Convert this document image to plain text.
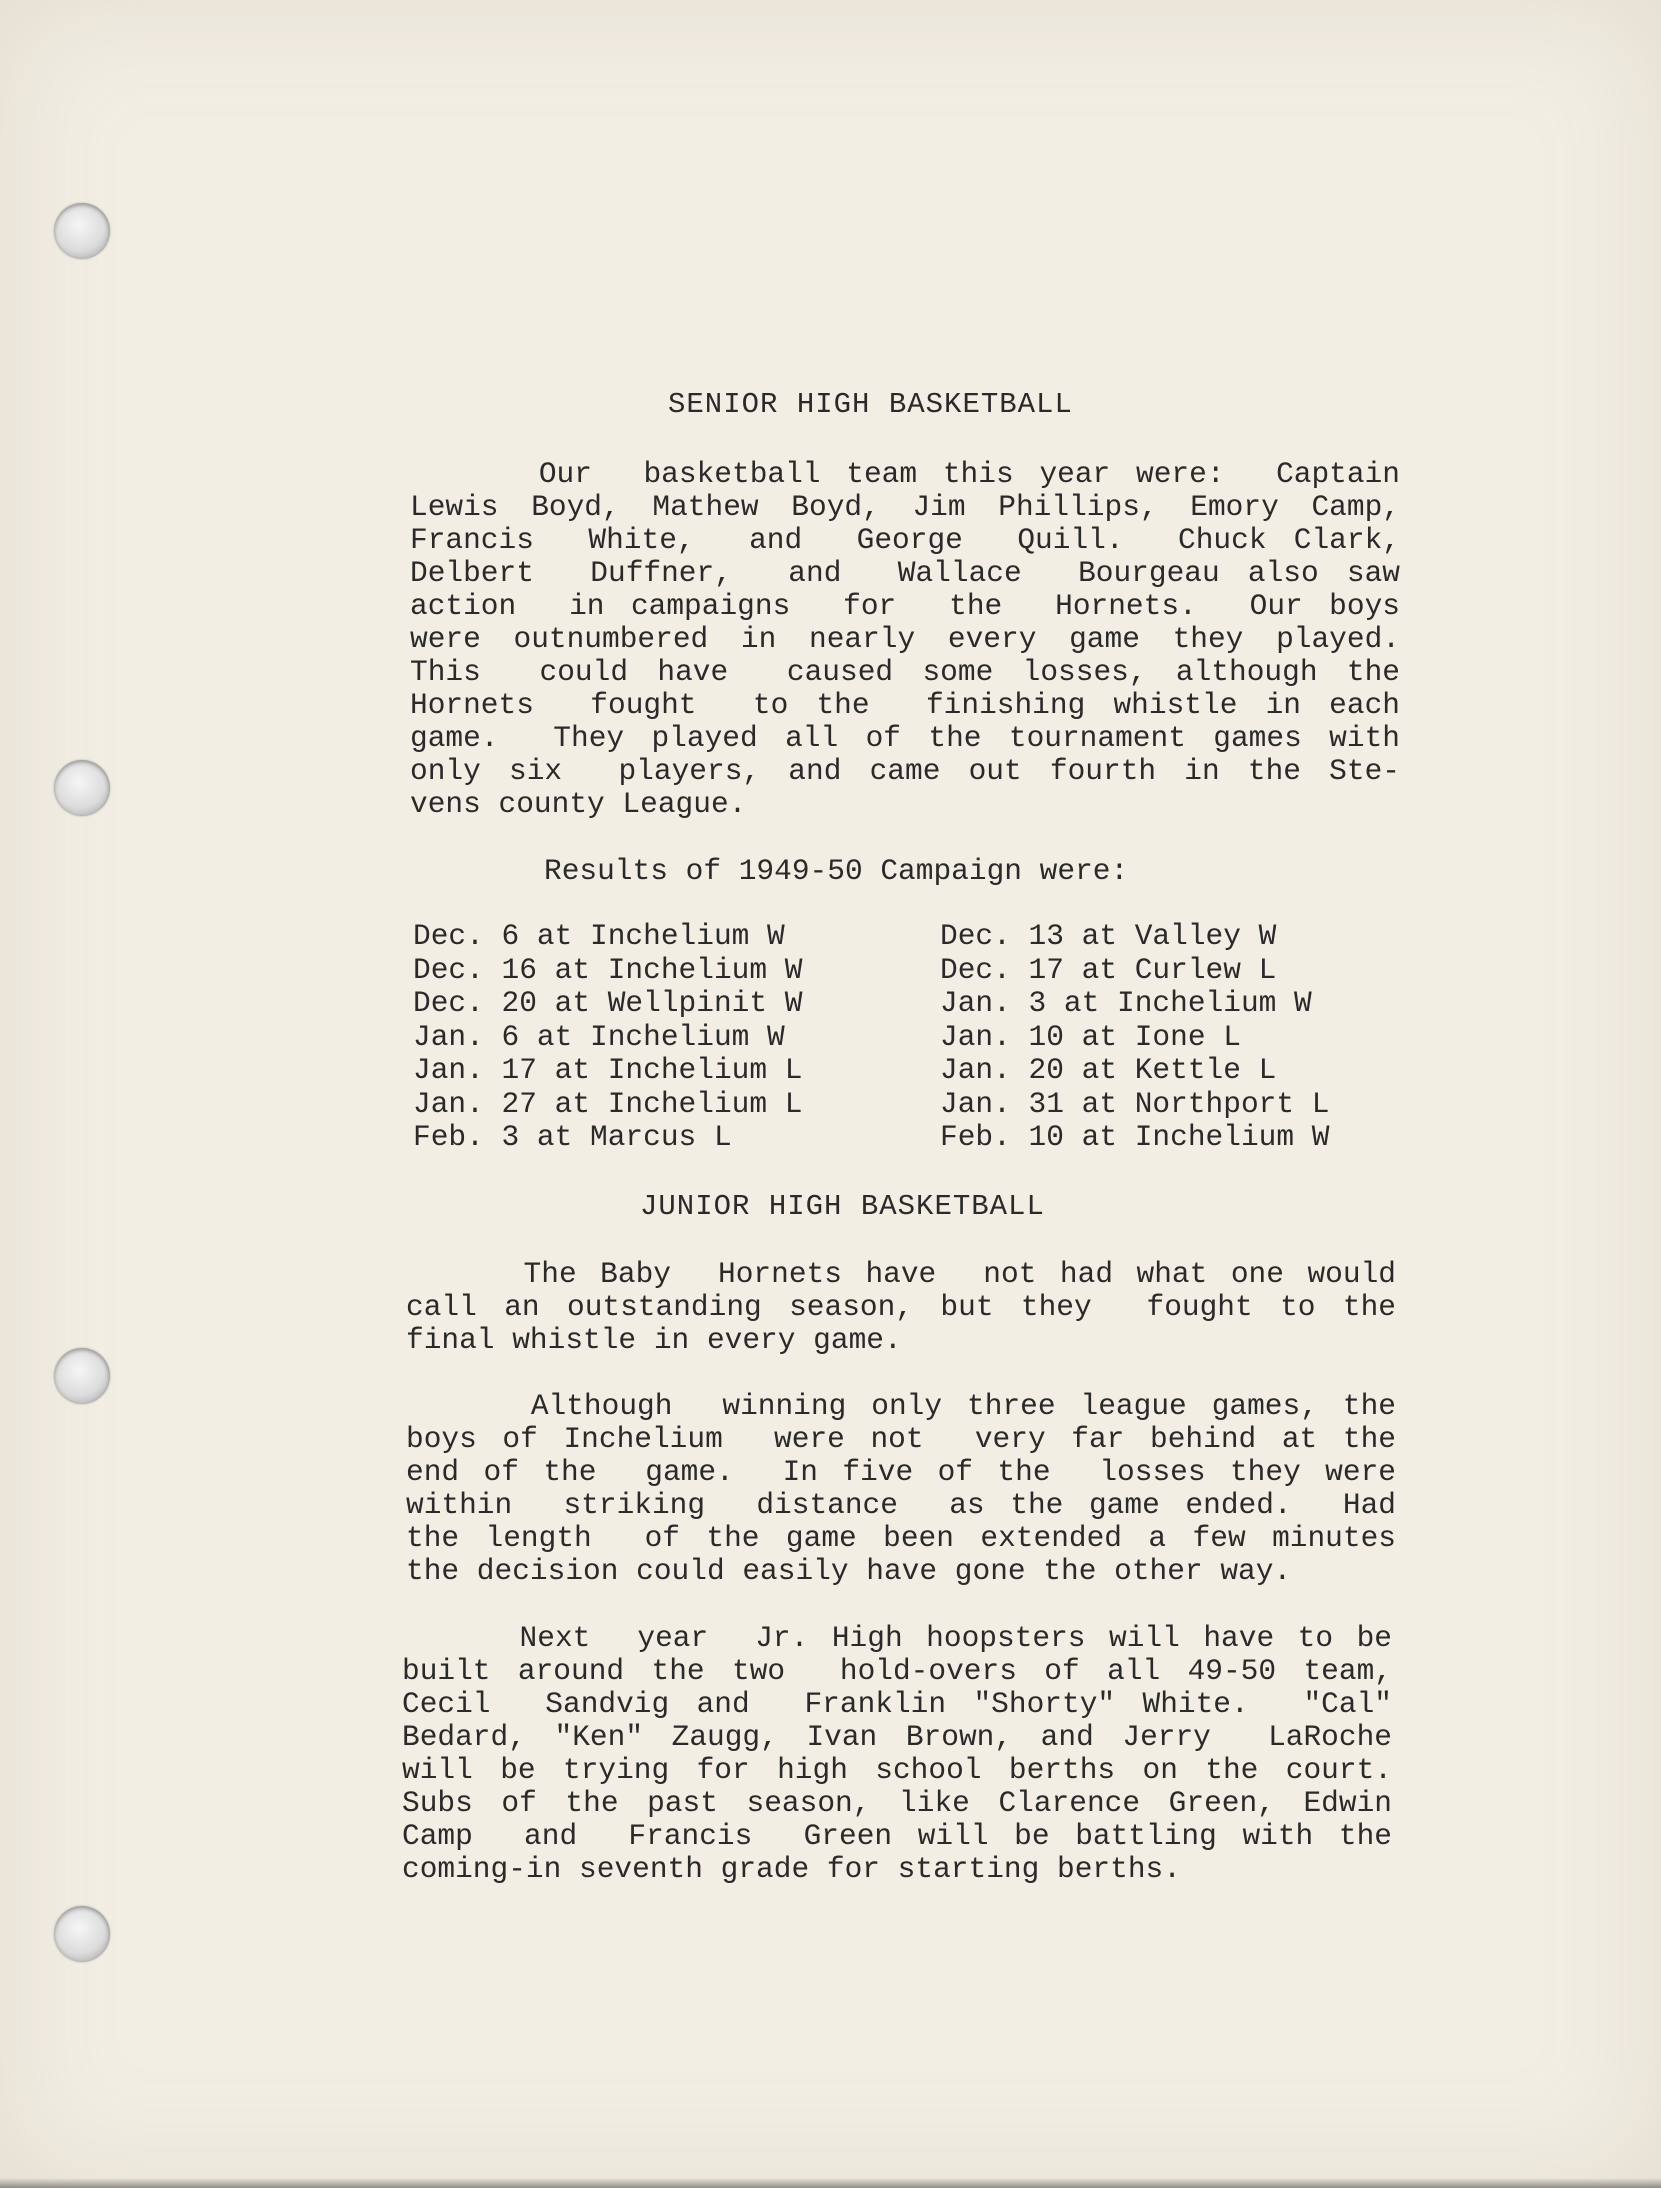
SENIOR HIGH BASKETBALL
Our  basketball team this year were:  Captain
Lewis Boyd, Mathew Boyd, Jim Phillips, Emory Camp,
Francis  White,  and  George  Quill.  Chuck Clark,
Delbert  Duffner,  and  Wallace  Bourgeau also saw
action  in campaigns  for  the  Hornets.  Our boys
were outnumbered in nearly every game they played.
This  could have  caused some losses, although the
Hornets  fought  to the  finishing whistle in each
game.  They played all of the tournament games with
only six  players, and came out fourth in the Ste-
vens county League.

Results of 1949-50 Campaign were:

Dec. 6 at Inchelium W
Dec. 16 at Inchelium W
Dec. 20 at Wellpinit W
Jan. 6 at Inchelium W
Jan. 17 at Inchelium L
Jan. 27 at Inchelium L
Feb. 3 at Marcus L
Dec. 13 at Valley W
Dec. 17 at Curlew L
Jan. 3 at Inchelium W
Jan. 10 at Ione L
Jan. 20 at Kettle L
Jan. 31 at Northport L
Feb. 10 at Inchelium W
JUNIOR HIGH BASKETBALL
The Baby  Hornets have  not had what one would
call an outstanding season, but they  fought to the
final whistle in every game.
Although  winning only three league games, the
boys of Inchelium  were not  very far behind at the
end of the  game.  In five of the  losses they were
within  striking  distance  as the game ended.  Had
the length  of the game been extended a few minutes
the decision could easily have gone the other way.
Next  year  Jr. High hoopsters will have to be
built around the two  hold-overs of all 49-50 team,
Cecil  Sandvig and  Franklin "Shorty" White.  "Cal"
Bedard, "Ken" Zaugg, Ivan Brown, and Jerry  LaRoche
will be trying for high school berths on the court.
Subs of the past season, like Clarence Green, Edwin
Camp  and  Francis  Green will be battling with the
coming-in seventh grade for starting berths.
